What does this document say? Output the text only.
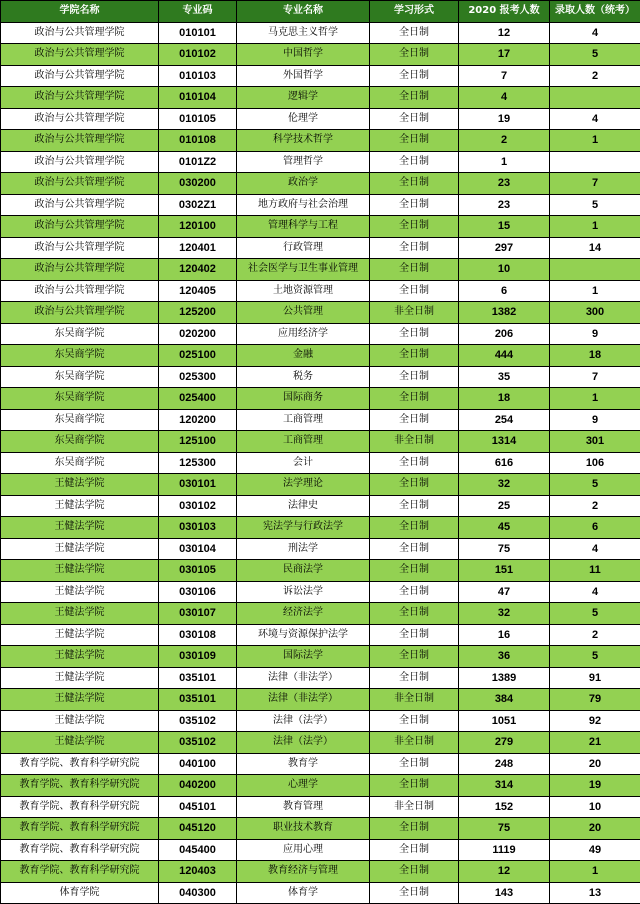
学院名称	专业码	专业名称	学习形式	2020 报考人数	录取人数（统考）
政治与公共管理学院	010101	马克思主义哲学	全日制	12	4
政治与公共管理学院	010102	中国哲学	全日制	17	5
政治与公共管理学院	010103	外国哲学	全日制	7	2
政治与公共管理学院	010104	逻辑学	全日制	4	
政治与公共管理学院	010105	伦理学	全日制	19	4
政治与公共管理学院	010108	科学技术哲学	全日制	2	1
政治与公共管理学院	0101Z2	管理哲学	全日制	1	
政治与公共管理学院	030200	政治学	全日制	23	7
政治与公共管理学院	0302Z1	地方政府与社会治理	全日制	23	5
政治与公共管理学院	120100	管理科学与工程	全日制	15	1
政治与公共管理学院	120401	行政管理	全日制	297	14
政治与公共管理学院	120402	社会医学与卫生事业管理	全日制	10	
政治与公共管理学院	120405	土地资源管理	全日制	6	1
政治与公共管理学院	125200	公共管理	非全日制	1382	300
东吴商学院	020200	应用经济学	全日制	206	9
东吴商学院	025100	金融	全日制	444	18
东吴商学院	025300	税务	全日制	35	7
东吴商学院	025400	国际商务	全日制	18	1
东吴商学院	120200	工商管理	全日制	254	9
东吴商学院	125100	工商管理	非全日制	1314	301
东吴商学院	125300	会计	全日制	616	106
王健法学院	030101	法学理论	全日制	32	5
王健法学院	030102	法律史	全日制	25	2
王健法学院	030103	宪法学与行政法学	全日制	45	6
王健法学院	030104	刑法学	全日制	75	4
王健法学院	030105	民商法学	全日制	151	11
王健法学院	030106	诉讼法学	全日制	47	4
王健法学院	030107	经济法学	全日制	32	5
王健法学院	030108	环境与资源保护法学	全日制	16	2
王健法学院	030109	国际法学	全日制	36	5
王健法学院	035101	法律（非法学）	全日制	1389	91
王健法学院	035101	法律（非法学）	非全日制	384	79
王健法学院	035102	法律（法学）	全日制	1051	92
王健法学院	035102	法律（法学）	非全日制	279	21
教育学院、教育科学研究院	040100	教育学	全日制	248	20
教育学院、教育科学研究院	040200	心理学	全日制	314	19
教育学院、教育科学研究院	045101	教育管理	非全日制	152	10
教育学院、教育科学研究院	045120	职业技术教育	全日制	75	20
教育学院、教育科学研究院	045400	应用心理	全日制	1119	49
教育学院、教育科学研究院	120403	教育经济与管理	全日制	12	1
体育学院	040300	体育学	全日制	143	13
